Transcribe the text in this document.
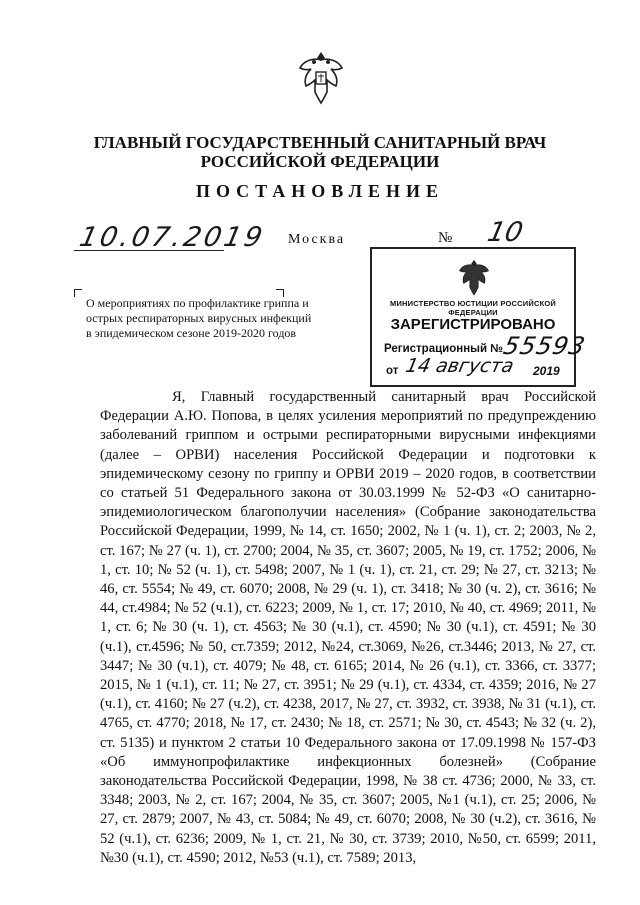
ГЛАВНЫЙ ГОСУДАРСТВЕННЫЙ САНИТАРНЫЙ ВРАЧ
РОССИЙСКОЙ ФЕДЕРАЦИИ
ПОСТАНОВЛЕНИЕ
10.07.2019 Москва	№ 10
О мероприятиях по профилактике гриппа и острых респираторных вирусных инфекций в эпидемическом сезоне 2019-2020 годов
МИНИСТЕРСТВО ЮСТИЦИИ РОССИЙСКОЙ ФЕДЕРАЦИИ
ЗАРЕГИСТРИРОВАНО
Регистрационный №
55593
от 14 августа 2019

Я, Главный государственный санитарный врач Российской Федерации А.Ю. Попова, в целях усиления мероприятий по предупреждению заболеваний гриппом и острыми респираторными вирусными инфекциями (далее – ОРВИ) населения Российской Федерации и подготовки к эпидемическому сезону по гриппу и ОРВИ 2019 – 2020 годов, в соответствии со статьей 51 Федерального закона от 30.03.1999 № 52-ФЗ «О санитарно-эпидемиологическом благополучии населения» (Собрание законодательства Российской Федерации, 1999, № 14, ст. 1650; 2002, № 1 (ч. 1), ст. 2; 2003, № 2, ст. 167; № 27 (ч. 1), ст. 2700; 2004, № 35, ст. 3607; 2005, № 19, ст. 1752; 2006, № 1, ст. 10; № 52 (ч. 1), ст. 5498; 2007, № 1 (ч. 1), ст. 21, ст. 29; № 27, ст. 3213; № 46, ст. 5554; № 49, ст. 6070; 2008, № 29 (ч. 1), ст. 3418; № 30 (ч. 2), ст. 3616; № 44, ст.4984; № 52 (ч.1), ст. 6223; 2009, № 1, ст. 17; 2010, № 40, ст. 4969; 2011, № 1, ст. 6; № 30 (ч. 1), ст. 4563; № 30 (ч.1), ст. 4590; № 30 (ч.1), ст. 4591; № 30 (ч.1), ст.4596; № 50, ст.7359; 2012, №24, ст.3069, №26, ст.3446; 2013, № 27, ст. 3447; № 30 (ч.1), ст. 4079; № 48, ст. 6165; 2014, № 26 (ч.1), ст. 3366, ст. 3377; 2015, № 1 (ч.1), ст. 11; № 27, ст. 3951; № 29 (ч.1), ст. 4334, ст. 4359; 2016, № 27 (ч.1), ст. 4160; № 27 (ч.2), ст. 4238, 2017, № 27, ст. 3932, ст. 3938, № 31 (ч.1), ст. 4765, ст. 4770; 2018, № 17, ст. 2430; № 18, ст. 2571; № 30, ст. 4543; № 32 (ч. 2), ст. 5135) и пунктом 2 статьи 10 Федерального закона от 17.09.1998 № 157-ФЗ «Об иммунопрофилактике инфекционных болезней» (Собрание законодательства Российской Федерации, 1998, № 38 ст. 4736; 2000, № 33, ст. 3348; 2003, № 2, ст. 167; 2004, № 35, ст. 3607; 2005, №1 (ч.1), ст. 25; 2006, № 27, ст. 2879; 2007, № 43, ст. 5084; № 49, ст. 6070; 2008, № 30 (ч.2), ст. 3616, № 52 (ч.1), ст. 6236; 2009, № 1, ст. 21, № 30, ст. 3739; 2010, №50, ст. 6599; 2011, №30 (ч.1), ст. 4590; 2012, №53 (ч.1), ст. 7589; 2013,
